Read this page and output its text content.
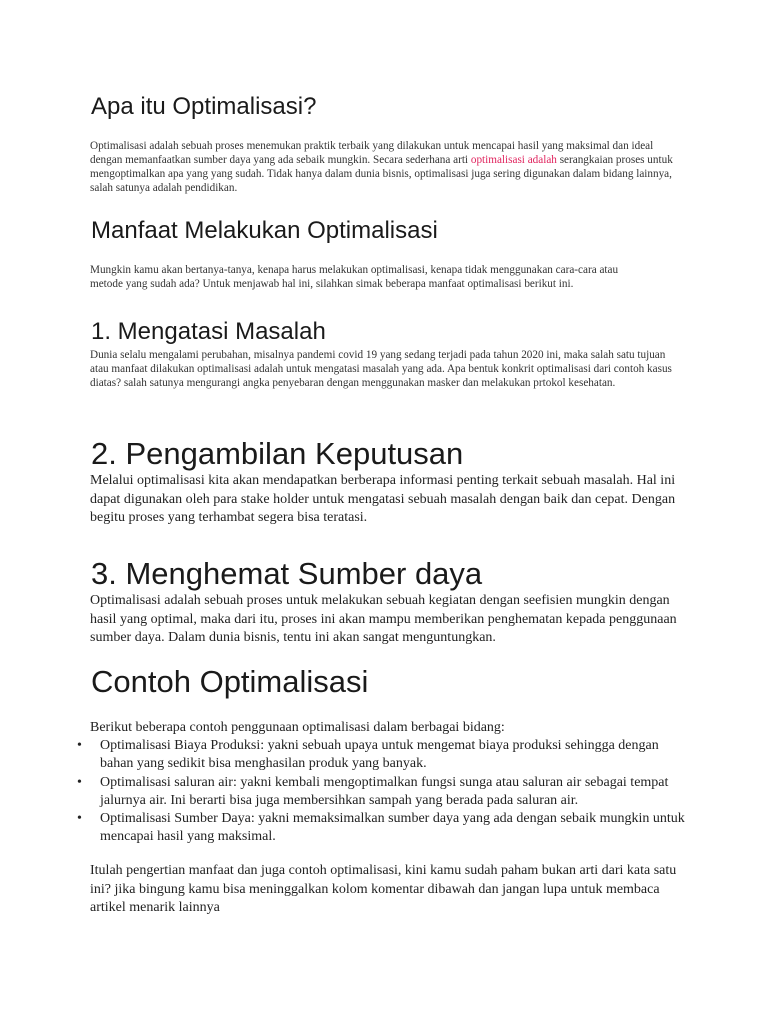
Apa itu Optimalisasi?

Optimalisasi adalah sebuah proses menemukan praktik terbaik yang dilakukan untuk mencapai hasil yang maksimal dan ideal dengan memanfaatkan sumber daya yang ada sebaik mungkin. Secara sederhana arti optimalisasi adalah serangkaian proses untuk mengoptimalkan apa yang yang sudah. Tidak hanya dalam dunia bisnis, optimalisasi juga sering digunakan dalam bidang lainnya, salah satunya adalah pendidikan.

Manfaat Melakukan Optimalisasi

Mungkin kamu akan bertanya-tanya, kenapa harus melakukan optimalisasi, kenapa tidak menggunakan cara-cara atau metode yang sudah ada? Untuk menjawab hal ini, silahkan simak beberapa manfaat optimalisasi berikut ini.

1. Mengatasi Masalah

Dunia selalu mengalami perubahan, misalnya pandemi covid 19 yang sedang terjadi pada tahun 2020 ini, maka salah satu tujuan atau manfaat dilakukan optimalisasi adalah untuk mengatasi masalah yang ada. Apa bentuk konkrit optimalisasi dari contoh kasus diatas? salah satunya mengurangi angka penyebaran dengan menggunakan masker dan melakukan prtokol kesehatan.

2. Pengambilan Keputusan

Melalui optimalisasi kita akan mendapatkan berberapa informasi penting terkait sebuah masalah. Hal ini dapat digunakan oleh para stake holder untuk mengatasi sebuah masalah dengan baik dan cepat. Dengan begitu proses yang terhambat segera bisa teratasi.

3. Menghemat Sumber daya

Optimalisasi adalah sebuah proses untuk melakukan sebuah kegiatan dengan seefisien mungkin dengan hasil yang optimal, maka dari itu, proses ini akan mampu memberikan penghematan kepada penggunaan sumber daya. Dalam dunia bisnis, tentu ini akan sangat menguntungkan.

Contoh Optimalisasi

Berikut beberapa contoh penggunaan optimalisasi dalam berbagai bidang:

• Optimalisasi Biaya Produksi: yakni sebuah upaya untuk mengemat biaya produksi sehingga dengan bahan yang sedikit bisa menghasilan produk yang banyak.
• Optimalisasi saluran air: yakni kembali mengoptimalkan fungsi sunga atau saluran air sebagai tempat jalurnya air. Ini berarti bisa juga membersihkan sampah yang berada pada saluran air.
• Optimalisasi Sumber Daya: yakni memaksimalkan sumber daya yang ada dengan sebaik mungkin untuk mencapai hasil yang maksimal.

Itulah pengertian manfaat dan juga contoh optimalisasi, kini kamu sudah paham bukan arti dari kata satu ini? jika bingung kamu bisa meninggalkan kolom komentar dibawah dan jangan lupa untuk membaca artikel menarik lainnya
